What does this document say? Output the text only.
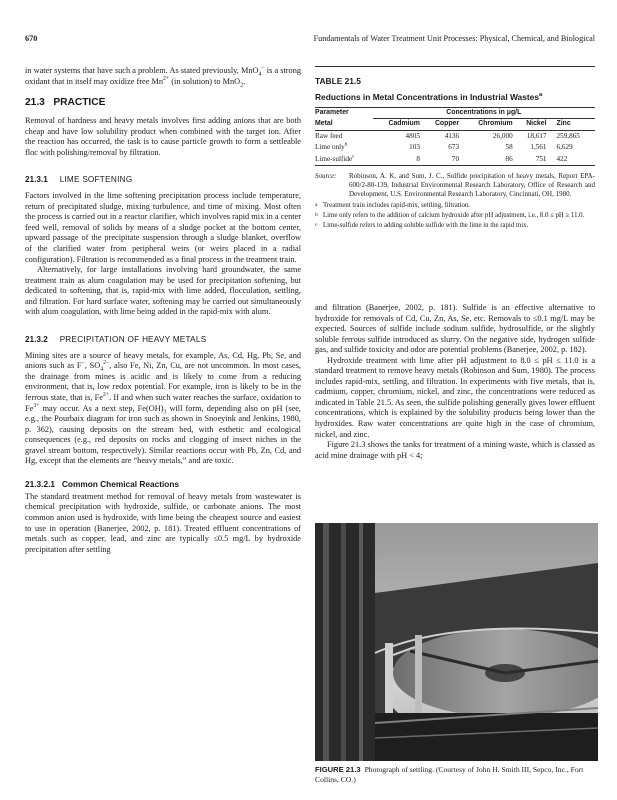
670	Fundamentals of Water Treatment Unit Processes: Physical, Chemical, and Biological

in water systems that have such a problem. As stated previously, MnO$_4$− is a strong oxidant that in itself may oxidize free $Mn^{2+}$ (in solution) to MnO$_2$.

21.3 PRACTICE

Removal of hardness and heavy metals involves first adding anions that are both cheap and have low solubility product when combined with the target ion. After the reaction has occurred, the task is to cause particle growth to form a settleable floc with polishing/removal by filtration.

21.3.1 LIME SOFTENING

Factors involved in the lime softening precipitation process include temperature, return of precipitated sludge, mixing turbulence, and time of mixing. Most often the process is carried out in a reactor clarifier, which involves rapid mix in a center feed well, removal of solids by means of a sludge pocket at the bottom center, upward passage of the precipitate suspension through a sludge blanket, overflow of the clarified water from peripheral weirs (or weirs placed in a radial configuration). Filtration is recommended as a final process in the treatment train.

Alternatively, for large installations involving hard groundwater, the same treatment train as alum coagulation may be used for precipitation softening, but dedicated to softening, that is, rapid-mix with lime added, flocculation, settling, and filtration. For hard surface water, softening may be carried out simultaneously with alum coagulation, with lime being added in the rapid-mix with alum.

21.3.2 PRECIPITATION OF HEAVY METALS

Mining sites are a source of heavy metals, for example, As, Cd, Hg, Pb, Se, and anions such as F−, $SO_4^{2-}$, also Fe, Ni, Zn, Cu, are not uncommon. In most cases, the drainage from mines is acidic and is likely to come from a reducing environment, that is, low redox potential. For example, iron is likely to be in the ferrous state, that is, $Fe^{2+}$. If and when such water reaches the surface, oxidation to $Fe^{3+}$ may occur. As a next step, $Fe(OH)_3$ will form, depending also on pH (see, e.g., the Pourbaix diagram for iron such as shown in Snoeyink and Jenkins, 1980, p. 362), causing deposits on the stream bed, with esthetic and ecological consequences (e.g., red deposits on rocks and clogging of insect niches in the gravel stream bottom, respectively). Similar reactions occur with Pb, Zn, Cd, and Hg, except that the elements are “heavy metals,” and are toxic.

21.3.2.1 Common Chemical Reactions

The standard treatment method for removal of heavy metals from wastewater is chemical precipitation with hydroxide, sulfide, or carbonate anions. The most common anion used is hydroxide, with lime being the cheapest source and easiest to use in operation (Banerjee, 2002, p. 181). Treated effluent concentrations of metals such as copper, lead, and zinc are typically ≤0.5 mg/L by hydroxide precipitation after settling

TABLE 21.5
Reductions in Metal Concentrations in Industrial Wastes$^a$
Parameter	Concentrations in μg/L				
Metal	Cadmium	Copper	Chromium	Nickel	Zinc
Raw feed	4805	4136	26,000	18,617	259,865
Lime only$^b$	103	673	58	1,561	6,629
Lime-sulfide$^c$	8	70	86	751	422
Source:	Robinson, A. K. and Sum, J. C., Sulfide precipitation of heavy metals, Report EPA-600/2-80-139, Industrial Environmental Research Laboratory, Office of Research and Development, U.S. Environmental Research Laboratory, Cincinnati, OH, 1980.
a Treatment train includes rapid-mix, settling, filtration.
b Lime only refers to the addition of calcium hydroxide after pH adjustment, i.e., 8.0 ≤ pH ≥ 11.0.
c Lime-sulfide refers to adding soluble sulfide with the lime in the rapid mix.

and filtration (Banerjee, 2002, p. 181). Sulfide is an effective alternative to hydroxide for removals of Cd, Cu, Zn, As, Se, etc. Removals to ≤0.1 mg/L may be expected. Sources of sulfide include sodium sulfide, hydrosulfide, or the slightly soluble ferrous sulfide introduced as slurry. On the negative side, hydrogen sulfide gas, and sulfide toxicity and odor are potential problems (Banerjee, 2002, p. 182).

Hydroxide treatment with lime after pH adjustment to 8.0 ≤ pH ≤ 11.0 is a standard treatment to remove heavy metals (Robinson and Sum, 1980). The process includes rapid-mix, settling, and filtration. In experiments with five metals, that is, cadmium, copper, chromium, nickel, and zinc, the concentrations were reduced as indicated in Table 21.5. As seen, the sulfide polishing generally gives lower effluent concentrations, which is explained by the solubility products being lower than the hydroxides. Raw water concentrations are quite high in the case of chromium, nickel, and zinc.

Figure 21.3 shows the tanks for treatment of a mining waste, which is classed as acid mine drainage with pH < 4;

FIGURE 21.3 Photograph of settling. (Courtesy of John H. Smith III, Sepco, Inc., Fort Collins, CO.)
